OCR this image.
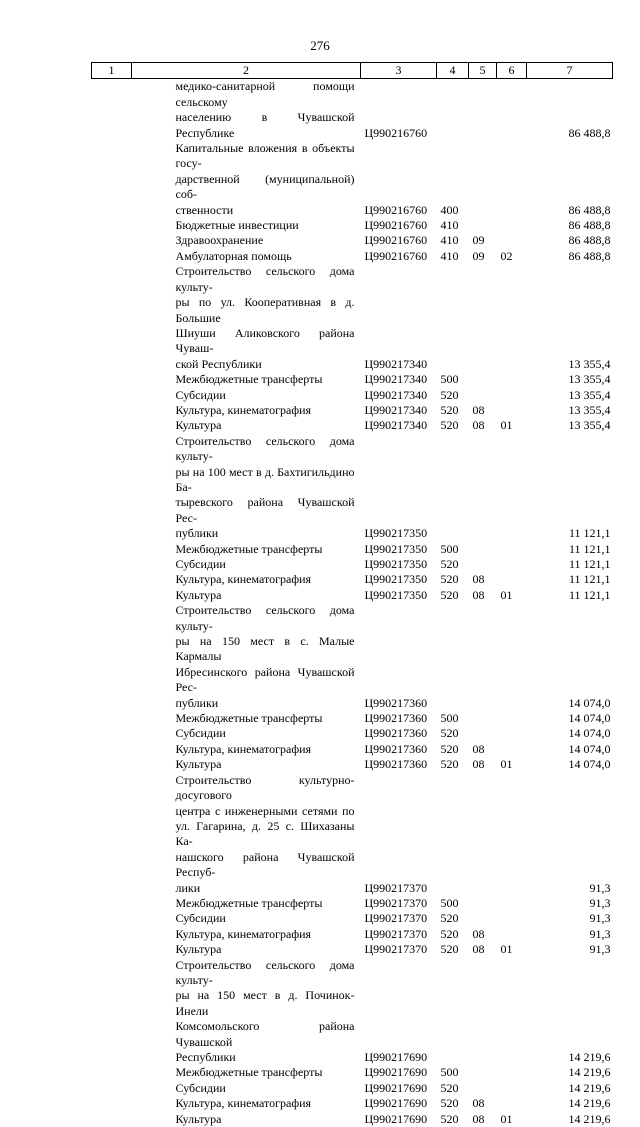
276
1	2	3	4	5	6	7

	медико-санитарной помощи сельскому
населению в Чувашской Республике	Ц990216760				86 488,8

	Капитальные вложения в объекты госу-
дарственной (муниципальной) соб-
ственности	Ц990216760	400			86 488,8

	Бюджетные инвестиции	Ц990216760	410			86 488,8

	Здравоохранение	Ц990216760	410	09		86 488,8

	Амбулаторная помощь	Ц990216760	410	09	02	86 488,8

	Строительство сельского дома культу-
ры по ул. Кооперативная в д. Большие
Шиуши Аликовского района Чуваш-
ской Республики	Ц990217340				13 355,4

	Межбюджетные трансферты	Ц990217340	500			13 355,4

	Субсидии	Ц990217340	520			13 355,4

	Культура, кинематография	Ц990217340	520	08		13 355,4

	Культура	Ц990217340	520	08	01	13 355,4

	Строительство сельского дома культу-
ры на 100 мест в д. Бахтигильдино Ба-
тыревского района Чувашской Рес-
публики	Ц990217350				11 121,1

	Межбюджетные трансферты	Ц990217350	500			11 121,1

	Субсидии	Ц990217350	520			11 121,1

	Культура, кинематография	Ц990217350	520	08		11 121,1

	Культура	Ц990217350	520	08	01	11 121,1

	Строительство сельского дома культу-
ры на 150 мест в с. Малые Кармалы
Ибресинского района Чувашской Рес-
публики	Ц990217360				14 074,0

	Межбюджетные трансферты	Ц990217360	500			14 074,0

	Субсидии	Ц990217360	520			14 074,0

	Культура, кинематография	Ц990217360	520	08		14 074,0

	Культура	Ц990217360	520	08	01	14 074,0

	Строительство культурно-досугового
центра с инженерными сетями по
ул. Гагарина, д. 25 с. Шихазаны Ка-
нашского района Чувашской Респуб-
лики	Ц990217370				91,3

	Межбюджетные трансферты	Ц990217370	500			91,3

	Субсидии	Ц990217370	520			91,3

	Культура, кинематография	Ц990217370	520	08		91,3

	Культура	Ц990217370	520	08	01	91,3

	Строительство сельского дома культу-
ры на 150 мест в д. Починок-Инели
Комсомольского района Чувашской
Республики	Ц990217690				14 219,6

	Межбюджетные трансферты	Ц990217690	500			14 219,6

	Субсидии	Ц990217690	520			14 219,6

	Культура, кинематография	Ц990217690	520	08		14 219,6

	Культура	Ц990217690	520	08	01	14 219,6
